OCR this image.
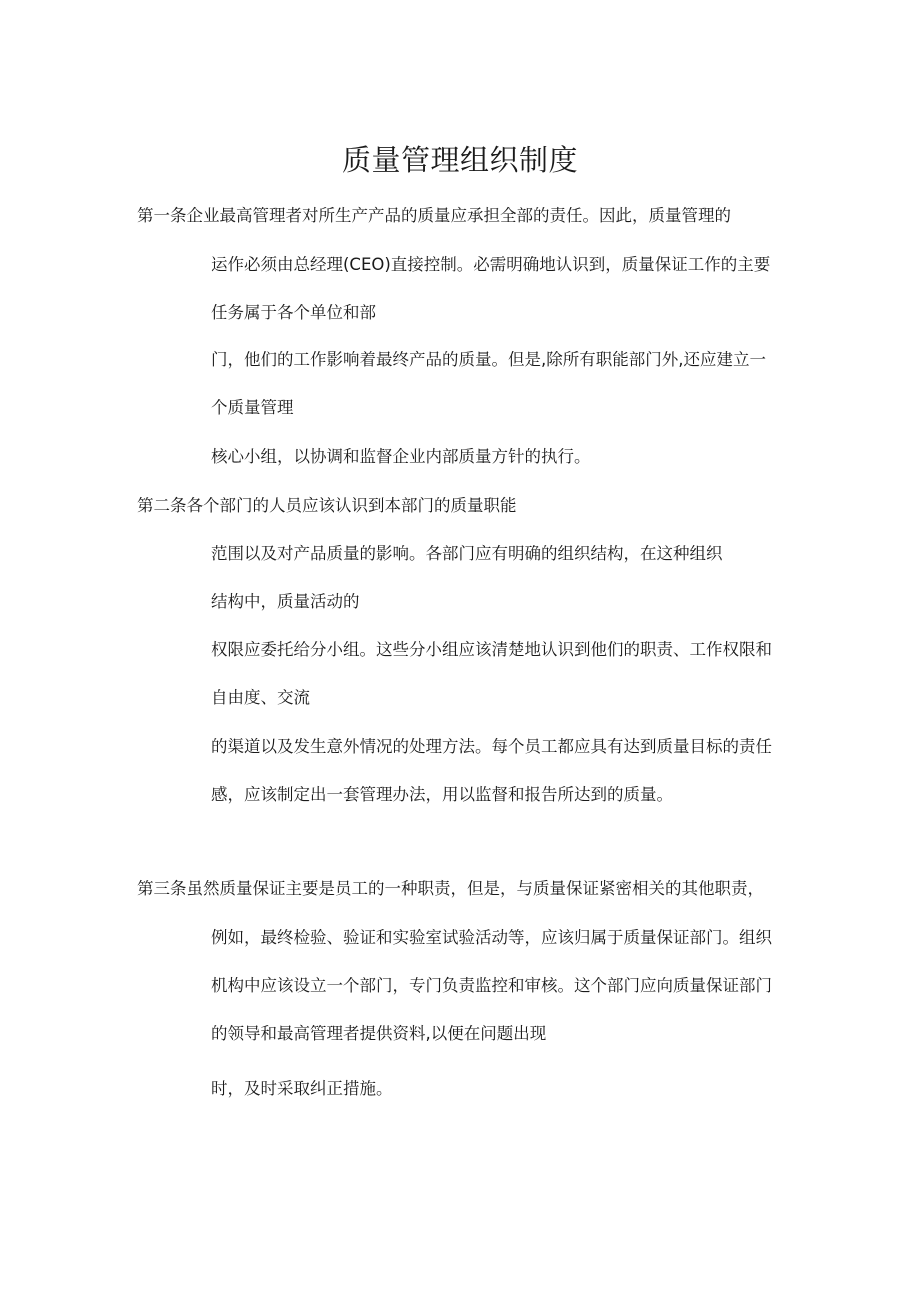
质量管理组织制度

第一条企业最高管理者对所生产产品的质量应承担全部的责任。因此，质量管理的

运作必须由总经理(CEO)直接控制。必需明确地认识到，质量保证工作的主要

任务属于各个单位和部

门，他们的工作影响着最终产品的质量。但是,除所有职能部门外,还应建立一

个质量管理

核心小组，以协调和监督企业内部质量方针的执行。

第二条各个部门的人员应该认识到本部门的质量职能

范围以及对产品质量的影响。各部门应有明确的组织结构，在这种组织

结构中，质量活动的

权限应委托给分小组。这些分小组应该清楚地认识到他们的职责、工作权限和

自由度、交流

的渠道以及发生意外情况的处理方法。每个员工都应具有达到质量目标的责任

感，应该制定出一套管理办法，用以监督和报告所达到的质量。

第三条虽然质量保证主要是员工的一种职责，但是，与质量保证紧密相关的其他职责，

例如，最终检验、验证和实验室试验活动等，应该归属于质量保证部门。组织

机构中应该设立一个部门，专门负责监控和审核。这个部门应向质量保证部门

的领导和最高管理者提供资料,以便在问题出现

时，及时采取纠正措施。
